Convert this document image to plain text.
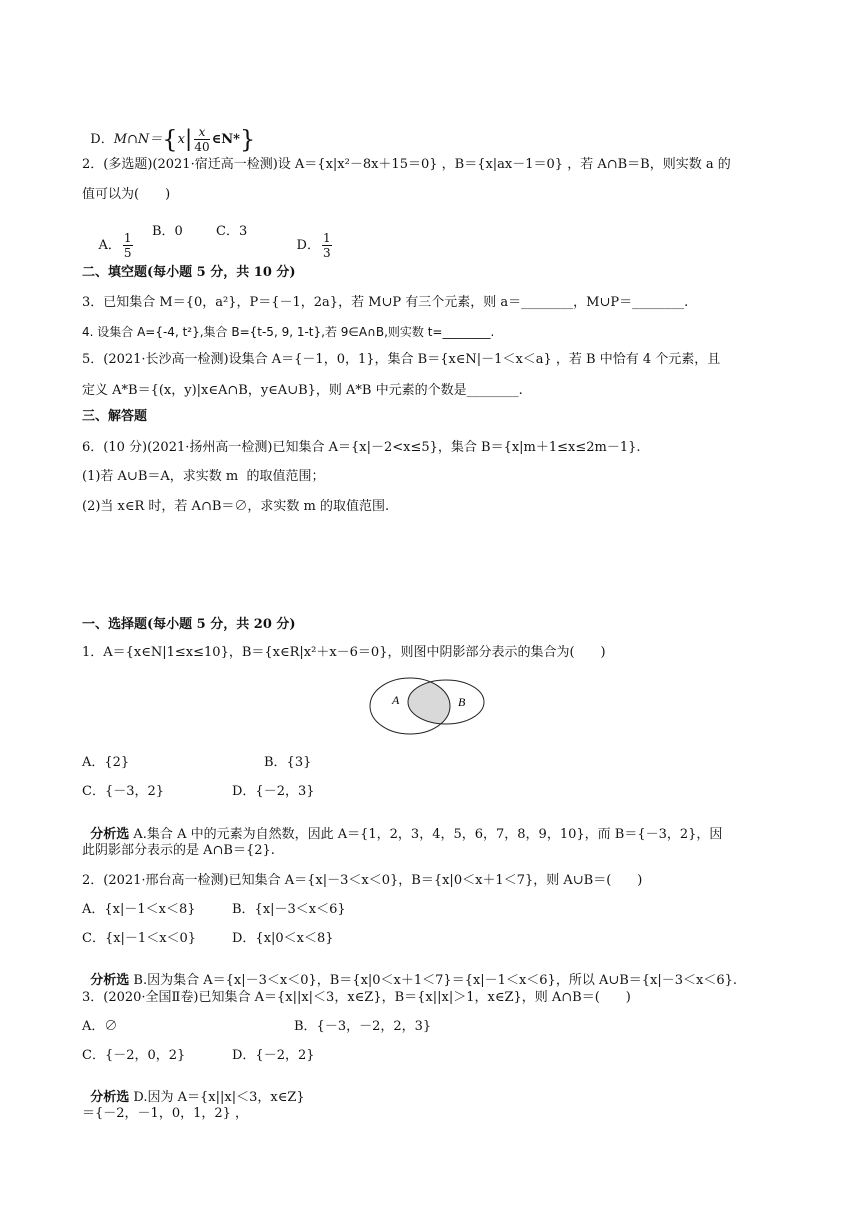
D．M∩N＝{x| $\frac{x}{40}$ ∈N*}

2．(多选题)(2021·宿迁高一检测)设 A＝{x|x²－8x＋15＝0} ，B＝{x|ax－1＝0} ，若 A∩B＝B，则实数 a 的
值可以为(　　)

A． $\frac{1}{5}$

B．0	C．3

D． $\frac{1}{3}$

二、填空题(每小题 5 分，共 10 分)
3．已知集合 M＝{0，a²}，P＝{－1，2a}，若 M∪P 有三个元素，则 a＝________，M∪P＝________.
4. 设集合 A={-4, t²},集合 B={t-5, 9, 1-t},若 9∈A∩B,则实数 t=________.
5．(2021·长沙高一检测)设集合 A＝{－1，0，1}，集合 B＝{x∈N|－1＜x＜a} ，若 B 中恰有 4 个元素，且
定义 A*B＝{(x，y)|x∈A∩B，y∈A∪B}，则 A*B 中元素的个数是________.
三、解答题
6．(10 分)(2021·扬州高一检测)已知集合 A＝{x|－2<x≤5}，集合 B＝{x|m＋1≤x≤2m－1}.
(1)若 A∪B＝A，求实数 m  的取值范围；
(2)当 x∈R 时，若 A∩B＝∅，求实数 m 的取值范围.
一、选择题(每小题 5 分，共 20 分)
1．A＝{x∈N|1≤x≤10}，B＝{x∈R|x²＋x－6＝0}，则图中阴影部分表示的集合为(　　)
A	B
A．{2}	B．{3}
C．{－3，2}	D．{－2，3}

分析选 A.集合 A 中的元素为自然数，因此 A＝{1，2，3，4，5，6，7，8，9，10}，而 B＝{－3，2}，因

此阴影部分表示的是 A∩B＝{2}.
2．(2021·邢台高一检测)已知集合 A＝{x|－3＜x＜0}，B＝{x|0＜x＋1＜7}，则 A∪B＝(　　)
A．{x|－1＜x＜8}	B．{x|－3＜x＜6}
C．{x|－1＜x＜0}	D．{x|0＜x＜8}

分析选 B.因为集合 A＝{x|－3＜x＜0}，B＝{x|0＜x＋1＜7}＝{x|－1＜x＜6}，所以 A∪B＝{x|－3＜x＜6}.

3．(2020·全国Ⅱ卷)已知集合 A＝{x||x|＜3，x∈Z}，B＝{x||x|＞1，x∈Z}，则 A∩B＝(　　)
A．∅	B．{－3，－2，2，3}
C．{－2，0，2}	D．{－2，2}

分析选 D.因为 A＝{x||x|＜3，x∈Z}

＝{－2，－1，0，1，2} ，
